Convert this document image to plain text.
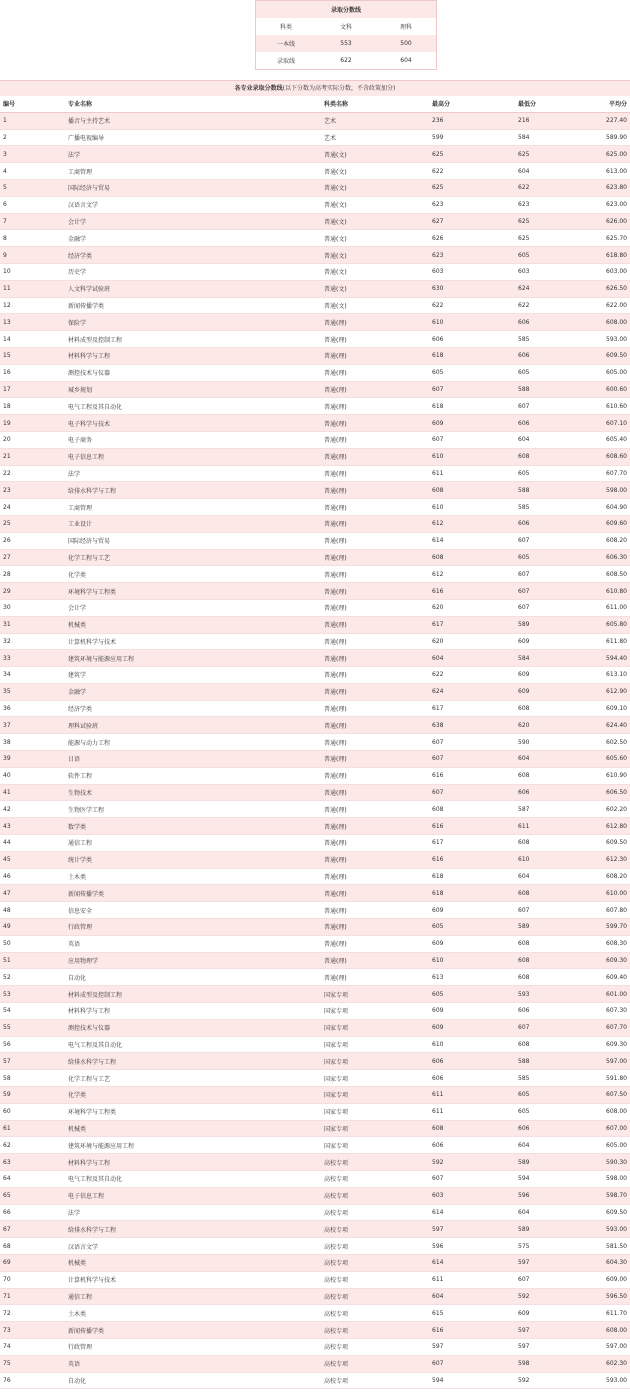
录取分数线
科类	文科	理科
一本线	553	500
录取线	622	604
各专业录取分数线(以下分数为高考实际分数，不含政策加分)
编号	专业名称	科类名称	最高分	最低分	平均分
1	播音与主持艺术	艺术	236	216	227.40
2	广播电视编导	艺术	599	584	589.90
3	法学	普通(文)	625	625	625.00
4	工商管理	普通(文)	622	604	613.00
5	国际经济与贸易	普通(文)	625	622	623.80
6	汉语言文学	普通(文)	623	623	623.00
7	会计学	普通(文)	627	625	626.00
8	金融学	普通(文)	626	625	625.70
9	经济学类	普通(文)	623	605	618.80
10	历史学	普通(文)	603	603	603.00
11	人文科学试验班	普通(文)	630	624	626.50
12	新闻传播学类	普通(文)	622	622	622.00
13	保险学	普通(理)	610	606	608.00
14	材料成型及控制工程	普通(理)	606	585	593.00
15	材料科学与工程	普通(理)	618	606	609.50
16	测控技术与仪器	普通(理)	605	605	605.00
17	城乡规划	普通(理)	607	588	600.60
18	电气工程及其自动化	普通(理)	618	607	610.60
19	电子科学与技术	普通(理)	609	606	607.10
20	电子商务	普通(理)	607	604	605.40
21	电子信息工程	普通(理)	610	608	608.60
22	法学	普通(理)	611	605	607.70
23	给排水科学与工程	普通(理)	608	588	598.00
24	工商管理	普通(理)	610	585	604.90
25	工业设计	普通(理)	612	606	609.60
26	国际经济与贸易	普通(理)	614	607	608.20
27	化学工程与工艺	普通(理)	608	605	606.30
28	化学类	普通(理)	612	607	608.50
29	环境科学与工程类	普通(理)	616	607	610.80
30	会计学	普通(理)	620	607	611.00
31	机械类	普通(理)	617	589	605.80
32	计算机科学与技术	普通(理)	620	609	611.80
33	建筑环境与能源应用工程	普通(理)	604	584	594.40
34	建筑学	普通(理)	622	609	613.10
35	金融学	普通(理)	624	609	612.90
36	经济学类	普通(理)	617	608	609.10
37	理科试验班	普通(理)	638	620	624.40
38	能源与动力工程	普通(理)	607	590	602.50
39	日语	普通(理)	607	604	605.60
40	软件工程	普通(理)	616	608	610.90
41	生物技术	普通(理)	607	606	606.50
42	生物医学工程	普通(理)	608	587	602.20
43	数学类	普通(理)	616	611	612.80
44	通信工程	普通(理)	617	608	609.50
45	统计学类	普通(理)	616	610	612.30
46	土木类	普通(理)	618	604	608.20
47	新闻传播学类	普通(理)	618	608	610.00
48	信息安全	普通(理)	609	607	607.80
49	行政管理	普通(理)	605	589	599.70
50	英语	普通(理)	609	608	608.30
51	应用物理学	普通(理)	610	608	609.30
52	自动化	普通(理)	613	608	609.40
53	材料成型及控制工程	国家专项	605	593	601.00
54	材料科学与工程	国家专项	609	606	607.30
55	测控技术与仪器	国家专项	609	607	607.70
56	电气工程及其自动化	国家专项	610	608	609.30
57	给排水科学与工程	国家专项	606	588	597.00
58	化学工程与工艺	国家专项	606	585	591.80
59	化学类	国家专项	611	605	607.50
60	环境科学与工程类	国家专项	611	605	608.00
61	机械类	国家专项	608	606	607.00
62	建筑环境与能源应用工程	国家专项	606	604	605.00
63	材料科学与工程	高校专项	592	589	590.30
64	电气工程及其自动化	高校专项	607	594	598.00
65	电子信息工程	高校专项	603	596	598.70
66	法学	高校专项	614	604	609.50
67	给排水科学与工程	高校专项	597	589	593.00
68	汉语言文学	高校专项	596	575	581.50
69	机械类	高校专项	614	597	604.30
70	计算机科学与技术	高校专项	611	607	609.00
71	通信工程	高校专项	604	592	596.50
72	土木类	高校专项	615	609	611.70
73	新闻传播学类	高校专项	616	597	608.00
74	行政管理	高校专项	597	597	597.00
75	英语	高校专项	607	598	602.30
76	自动化	高校专项	594	592	593.00
